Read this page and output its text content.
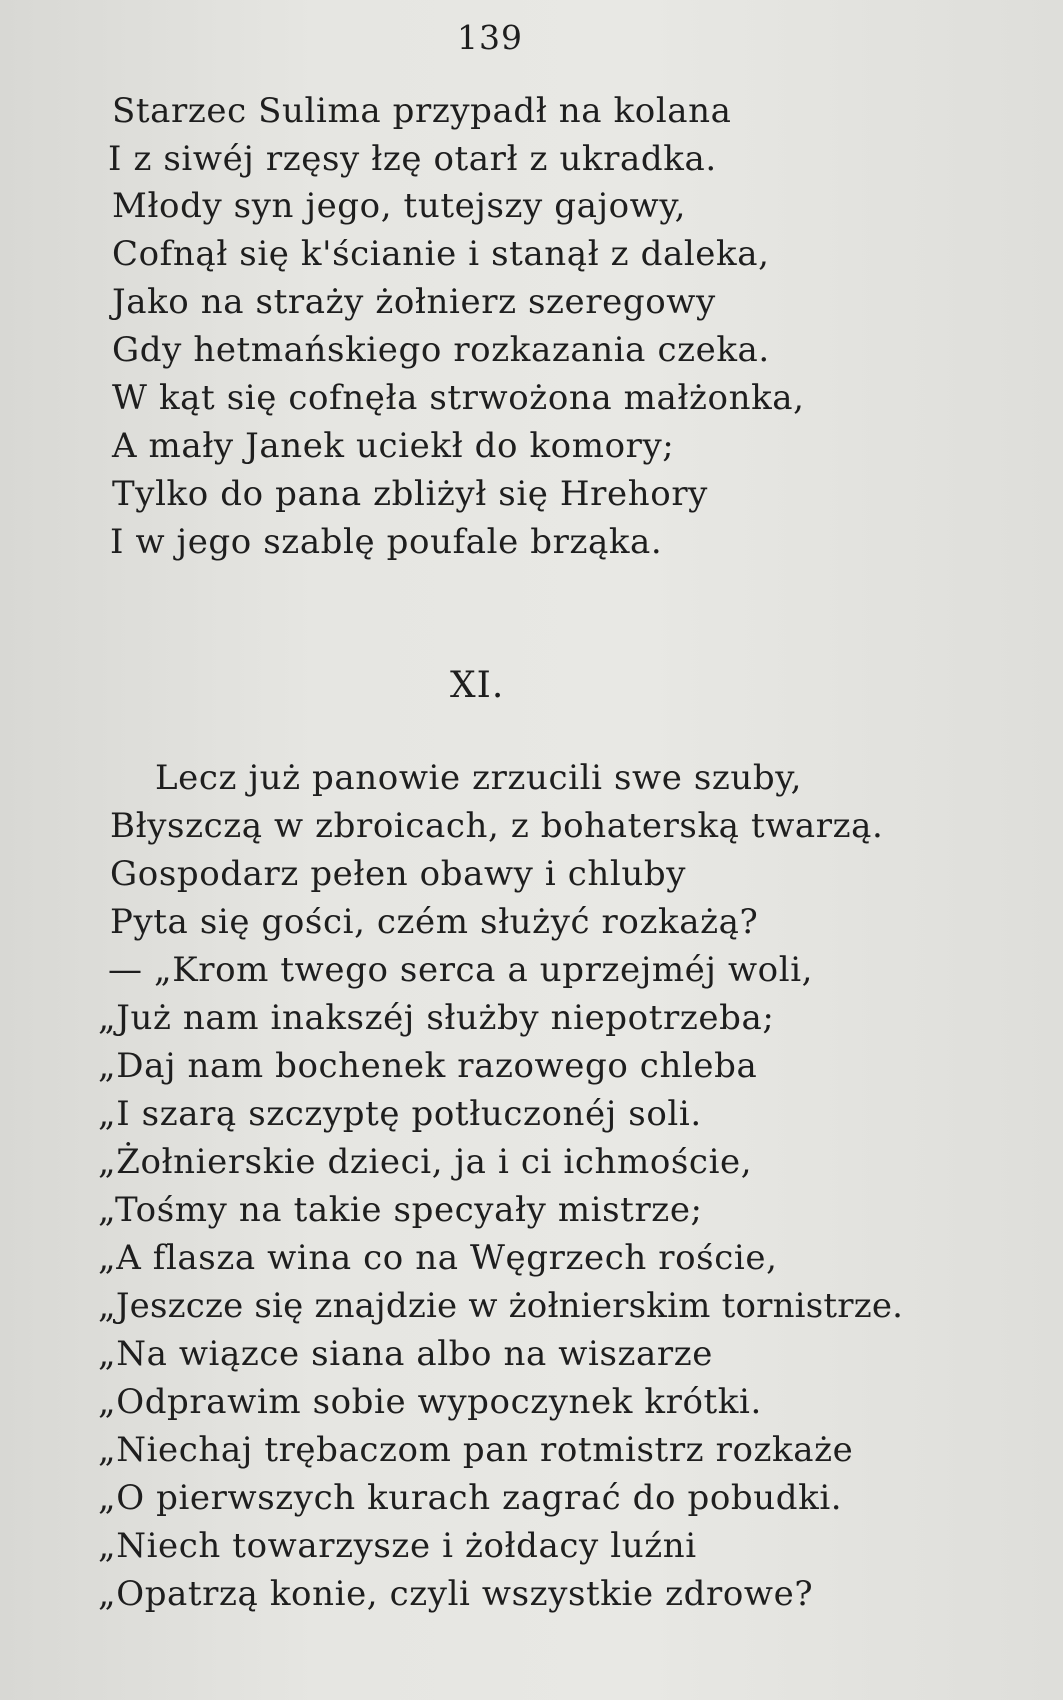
139
Starzec Sulima przypadł na kolana
I z siwéj rzęsy łzę otarł z ukradka.
Młody syn jego, tutejszy gajowy,
Cofnął się k'ścianie i stanął z daleka,
Jako na straży żołnierz szeregowy
Gdy hetmańskiego rozkazania czeka.
W kąt się cofnęła strwożona małżonka,
A mały Janek uciekł do komory;
Tylko do pana zbliżył się Hrehory
I w jego szablę poufale brząka.
XI.
Lecz już panowie zrzucili swe szuby,
Błyszczą w zbroicach, z bohaterską twarzą.
Gospodarz pełen obawy i chluby
Pyta się gości, czém służyć rozkażą?
— „Krom twego serca a uprzejméj woli,
„Już nam inakszéj służby niepotrzeba;
„Daj nam bochenek razowego chleba
„I szarą szczyptę potłuczonéj soli.
„Żołnierskie dzieci, ja i ci ichmoście,
„Tośmy na takie specyały mistrze;
„A flasza wina co na Węgrzech roście,
„Jeszcze się znajdzie w żołnierskim tornistrze.
„Na wiązce siana albo na wiszarze
„Odprawim sobie wypoczynek krótki.
„Niechaj trębaczom pan rotmistrz rozkaże
„O pierwszych kurach zagrać do pobudki.
„Niech towarzysze i żołdacy luźni
„Opatrzą konie, czyli wszystkie zdrowe?
